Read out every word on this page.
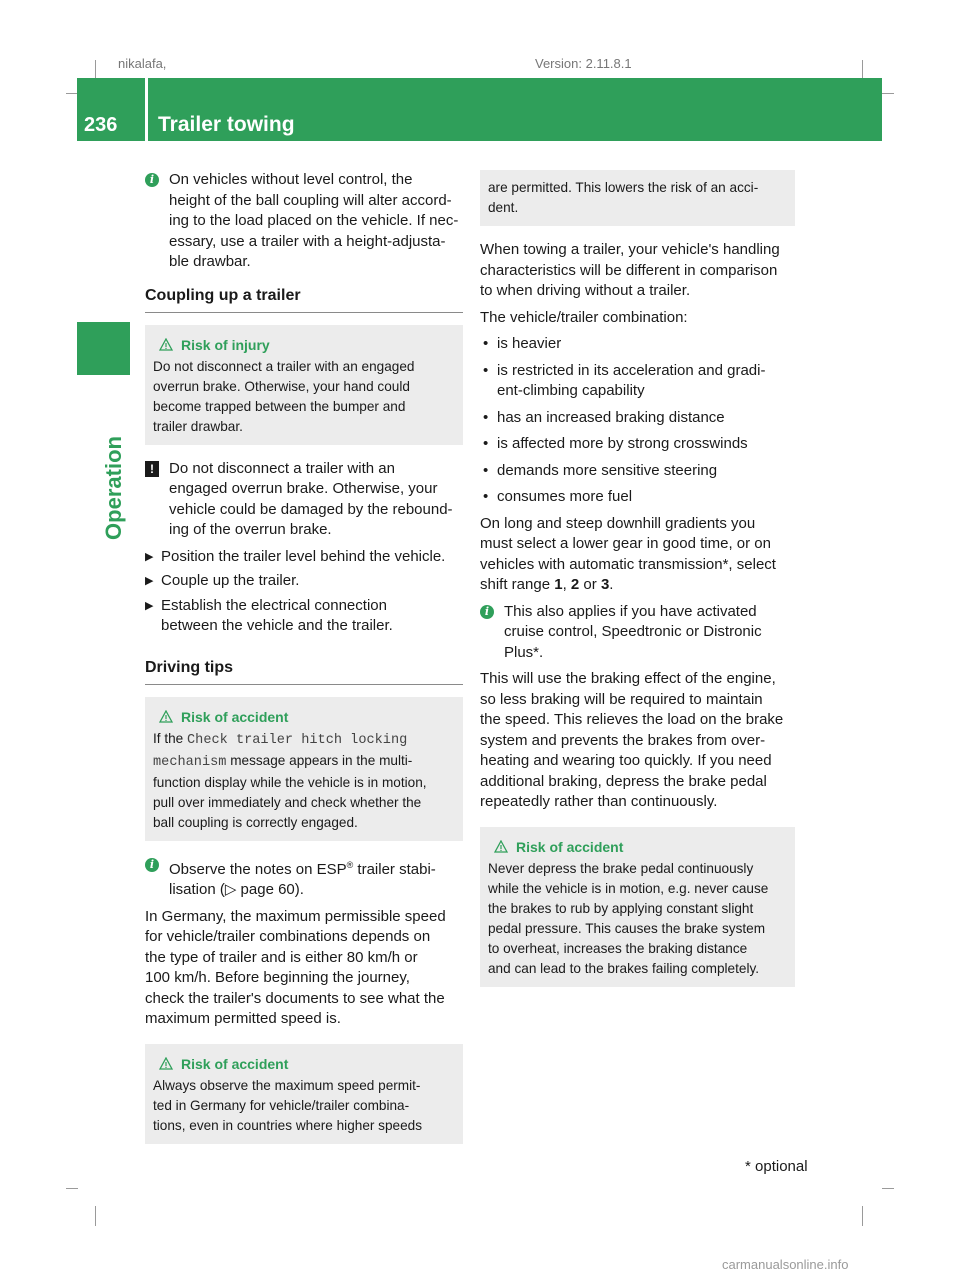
nikalafa,	Version: 2.11.8.1
236 Trailer towing
Operation
i On vehicles without level control, the
height of the ball coupling will alter accord-
ing to the load placed on the vehicle. If nec-
essary, use a trailer with a height-adjusta-
ble drawbar.
Coupling up a trailer
Risk of injury
Do not disconnect a trailer with an engaged
overrun brake. Otherwise, your hand could
become trapped between the bumper and
trailer drawbar.
!	Do not disconnect a trailer with an
engaged overrun brake. Otherwise, your
vehicle could be damaged by the rebound-
ing of the overrun brake.
▶ Position the trailer level behind the vehicle.
▶ Couple up the trailer.
▶ Establish the electrical connection
between the vehicle and the trailer.
Driving tips
Risk of accident
If the Check trailer hitch locking
mechanism message appears in the multi-
function display while the vehicle is in motion,
pull over immediately and check whether the
ball coupling is correctly engaged.
i Observe the notes on ESP® trailer stabi-
lisation (▷ page 60).

In Germany, the maximum permissible speed
for vehicle/trailer combinations depends on
the type of trailer and is either 80 km/h or
100 km/h. Before beginning the journey,
check the trailer's documents to see what the
maximum permitted speed is.

Risk of accident
Always observe the maximum speed permit-
ted in Germany for vehicle/trailer combina-
tions, even in countries where higher speeds
are permitted. This lowers the risk of an acci-
dent.

When towing a trailer, your vehicle's handling
characteristics will be different in comparison
to when driving without a trailer.

The vehicle/trailer combination:

• is heavier
• is restricted in its acceleration and gradi-
ent-climbing capability
• has an increased braking distance
• is affected more by strong crosswinds
• demands more sensitive steering
• consumes more fuel

On long and steep downhill gradients you
must select a lower gear in good time, or on
vehicles with automatic transmission*, select
shift range 1, 2 or 3.

i This also applies if you have activated
cruise control, Speedtronic or Distronic
Plus*.

This will use the braking effect of the engine,
so less braking will be required to maintain
the speed. This relieves the load on the brake
system and prevents the brakes from over-
heating and wearing too quickly. If you need
additional braking, depress the brake pedal
repeatedly rather than continuously.

Risk of accident
Never depress the brake pedal continuously
while the vehicle is in motion, e.g. never cause
the brakes to rub by applying constant slight
pedal pressure. This causes the brake system
to overheat, increases the braking distance
and can lead to the brakes failing completely.
* optional
carmanualsonline.info
